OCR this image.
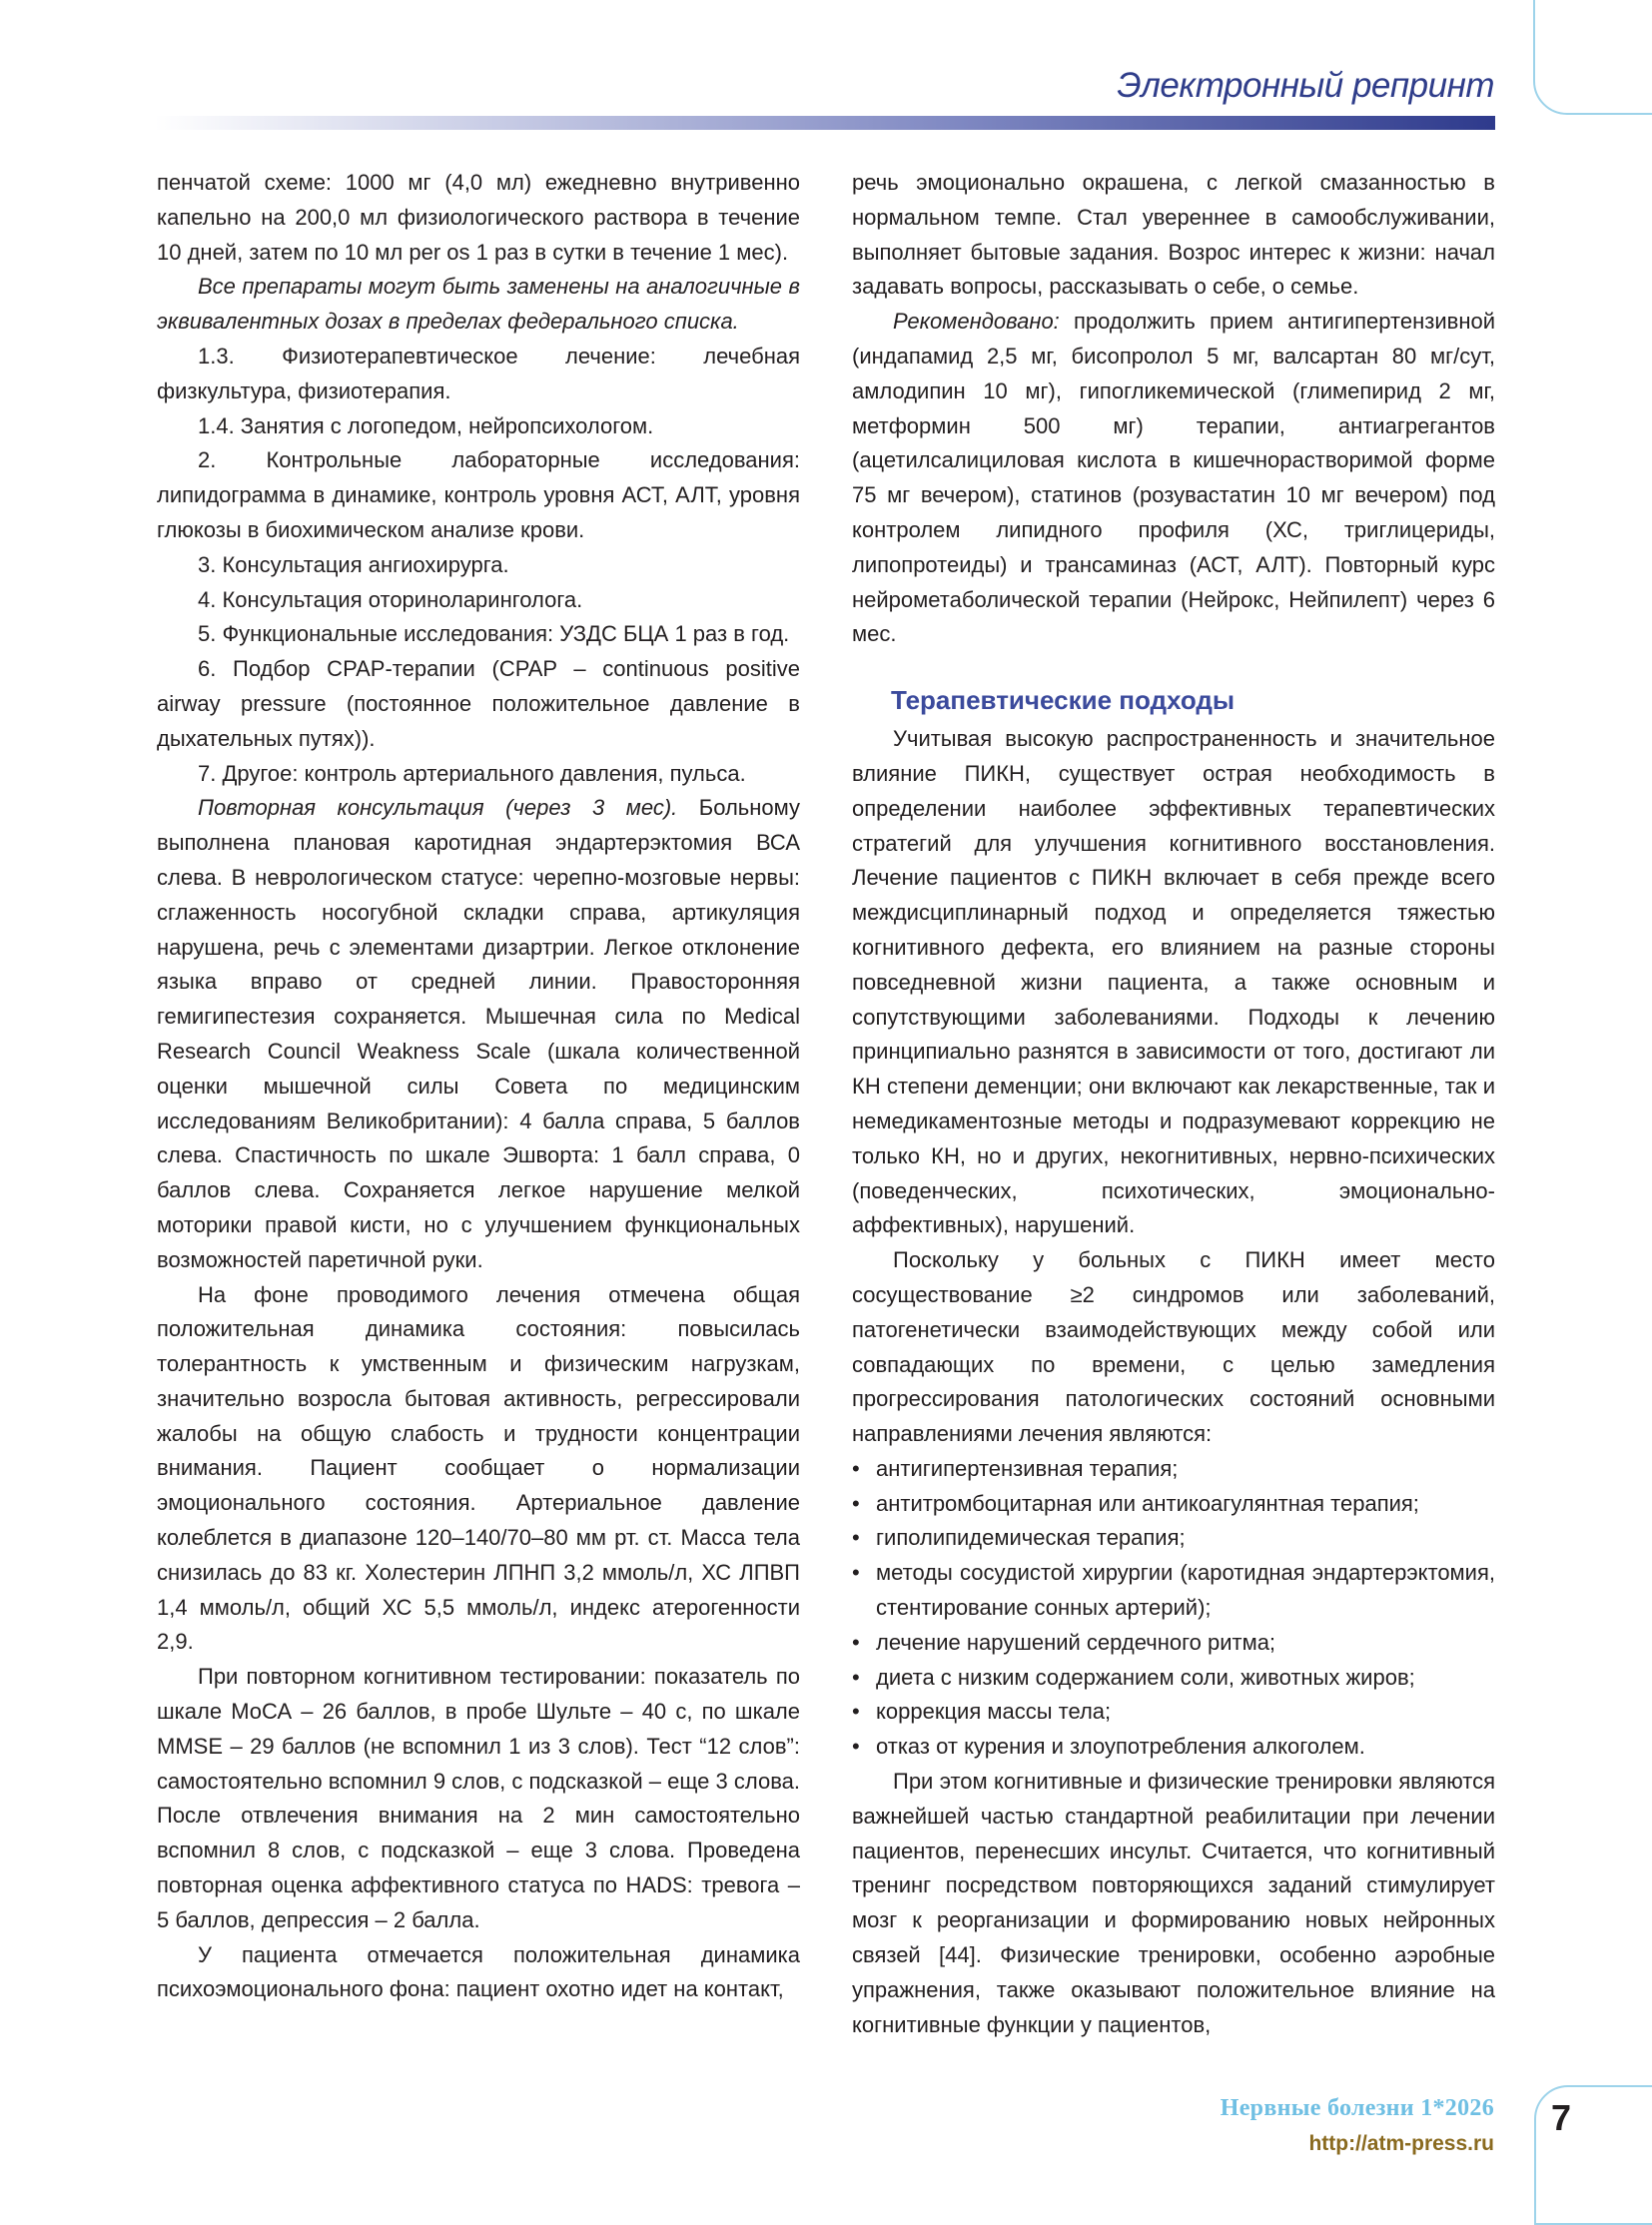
Электронный репринт

пенчатой схеме: 1000 мг (4,0 мл) ежедневно внутривенно капельно на 200,0 мл физиологического раствора в течение 10 дней, затем по 10 мл per os 1 раз в сутки в течение 1 мес).

Все препараты могут быть заменены на аналогичные в эквивалентных дозах в пределах федерального списка.

1.3. Физиотерапевтическое лечение: лечебная физкультура, физиотерапия.

1.4. Занятия с логопедом, нейропсихологом.

2. Контрольные лабораторные исследования: липидограмма в динамике, контроль уровня АСТ, АЛТ, уровня глюкозы в биохимическом анализе крови.

3. Консультация ангиохирурга.

4. Консультация оториноларинголога.

5. Функциональные исследования: УЗДС БЦА 1 раз в год.

6. Подбор CPAP-терапии (CPAP – continuous positive airway pressure (постоянное положительное давление в дыхательных путях)).

7. Другое: контроль артериального давления, пульса.

Повторная консультация (через 3 мес). Больному выполнена плановая каротидная эндартерэктомия ВСА слева. В неврологическом статусе: черепно-мозговые нервы: сглаженность носогубной складки справа, артикуляция нарушена, речь с элементами дизартрии. Легкое отклонение языка вправо от средней линии. Правосторонняя гемигипестезия сохраняется. Мышечная сила по Medical Research Council Weakness Scale (шкала количественной оценки мышечной силы Совета по медицинским исследованиям Великобритании): 4 балла справа, 5 баллов слева. Спастичность по шкале Эшворта: 1 балл справа, 0 баллов слева. Сохраняется легкое нарушение мелкой моторики правой кисти, но с улучшением функциональных возможностей паретичной руки.

На фоне проводимого лечения отмечена общая положительная динамика состояния: повысилась толерантность к умственным и физическим нагрузкам, значительно возросла бытовая активность, регрессировали жалобы на общую слабость и трудности концентрации внимания. Пациент сообщает о нормализации эмоционального состояния. Артериальное давление колеблется в диапазоне 120–140/70–80 мм рт. ст. Масса тела снизилась до 83 кг. Холестерин ЛПНП 3,2 ммоль/л, ХС ЛПВП 1,4 ммоль/л, общий ХС 5,5 ммоль/л, индекс атерогенности 2,9.

При повторном когнитивном тестировании: показатель по шкале МоСА – 26 баллов, в пробе Шульте – 40 с, по шкале MMSE – 29 баллов (не вспомнил 1 из 3 слов). Тест “12 слов”: самостоятельно вспомнил 9 слов, с подсказкой – еще 3 слова. После отвлечения внимания на 2 мин самостоятельно вспомнил 8 слов, с подсказкой – еще 3 слова. Проведена повторная оценка аффективного статуса по HADS: тревога – 5 баллов, депрессия – 2 балла.

У пациента отмечается положительная динамика психоэмоционального фона: пациент охотно идет на контакт,

речь эмоционально окрашена, с легкой смазанностью в нормальном темпе. Стал увереннее в самообслуживании, выполняет бытовые задания. Возрос интерес к жизни: начал задавать вопросы, рассказывать о себе, о семье.

Рекомендовано: продолжить прием антигипертензивной (индапамид 2,5 мг, бисопролол 5 мг, валсартан 80 мг/сут, амлодипин 10 мг), гипогликемической (глимепирид 2 мг, метформин 500 мг) терапии, антиагрегантов (ацетилсалициловая кислота в кишечнорастворимой форме 75 мг вечером), статинов (розувастатин 10 мг вечером) под контролем липидного профиля (ХС, триглицериды, липопротеиды) и трансаминаз (АСТ, АЛТ). Повторный курс нейрометаболической терапии (Нейрокс, Нейпилепт) через 6 мес.

Терапевтические подходы

Учитывая высокую распространенность и значительное влияние ПИКН, существует острая необходимость в определении наиболее эффективных терапевтических стратегий для улучшения когнитивного восстановления. Лечение пациентов с ПИКН включает в себя прежде всего междисциплинарный подход и определяется тяжестью когнитивного дефекта, его влиянием на разные стороны повседневной жизни пациента, а также основным и сопутствующими заболеваниями. Подходы к лечению принципиально разнятся в зависимости от того, достигают ли КН степени деменции; они включают как лекарственные, так и немедикаментозные методы и подразумевают коррекцию не только КН, но и других, некогнитивных, нервно-психических (поведенческих, психотических, эмоционально-аффективных), нарушений.

Поскольку у больных с ПИКН имеет место сосуществование ≥2 синдромов или заболеваний, патогенетически взаимодействующих между собой или совпадающих по времени, с целью замедления прогрессирования патологических состояний основными направлениями лечения являются:

• антигипертензивная терапия;
• антитромбоцитарная или антикоагулянтная терапия;
• гиполипидемическая терапия;
• методы сосудистой хирургии (каротидная эндартерэктомия, стентирование сонных артерий);
• лечение нарушений сердечного ритма;
• диета с низким содержанием соли, животных жиров;
• коррекция массы тела;
• отказ от курения и злоупотребления алкоголем.

При этом когнитивные и физические тренировки являются важнейшей частью стандартной реабилитации при лечении пациентов, перенесших инсульт. Считается, что когнитивный тренинг посредством повторяющихся заданий стимулирует мозг к реорганизации и формированию новых нейронных связей [44]. Физические тренировки, особенно аэробные упражнения, также оказывают положительное влияние на когнитивные функции у пациентов,

Нервные болезни 1*2026
http://atm-press.ru
7
